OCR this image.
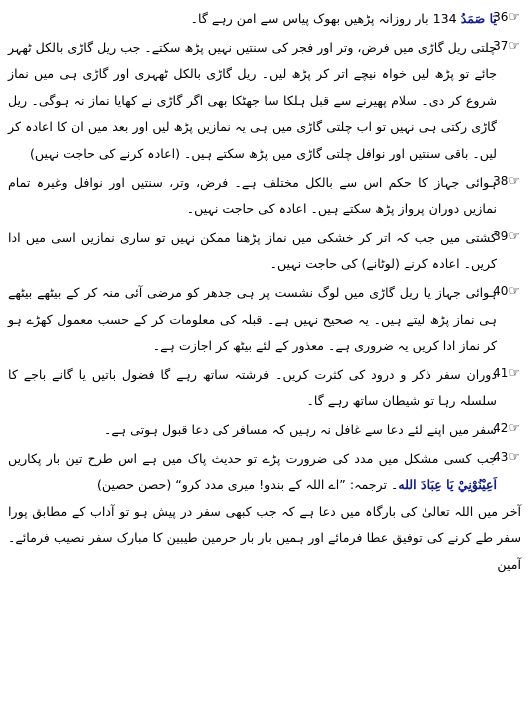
36☞
یَا صَمَدُ 134 بار روزانہ پڑھیں بھوک پیاس سے امن رہے گا۔

37☞
چلتی ریل گاڑی میں فرض، وتر اور فجر کی سنتیں نہیں پڑھ سکتے۔ جب ریل گاڑی بالکل ٹھہر جائے تو پڑھ لیں خواہ نیچے اتر کر پڑھ لیں۔ ریل گاڑی بالکل ٹھہری اور گاڑی ہی میں نماز شروع کر دی۔ سلام پھیرنے سے قبل ہلکا سا جھٹکا بھی اگر گاڑی نے کھایا نماز نہ ہوگی۔ ریل گاڑی رکتی ہی نہیں تو اب چلتی گاڑی میں ہی یہ نمازیں پڑھ لیں اور بعد میں ان کا اعادہ کر لیں۔ باقی سنتیں اور نوافل چلتی گاڑی میں پڑھ سکتے ہیں۔ (اعادہ کرنے کی حاجت نہیں)

38☞
ہوائی جہاز کا حکم اس سے بالکل مختلف ہے۔ فرض، وتر، سنتیں اور نوافل وغیرہ تمام نمازیں دوران پرواز پڑھ سکتے ہیں۔ اعادہ کی حاجت نہیں۔

39☞
کشتی میں جب کہ اتر کر خشکی میں نماز پڑھنا ممکن نہیں تو ساری نمازیں اسی میں ادا کریں۔ اعادہ کرنے (لوٹانے) کی حاجت نہیں۔

40☞
ہوائی جہاز یا ریل گاڑی میں لوگ نشست پر ہی جدھر کو مرضی آئی منہ کر کے بیٹھے بیٹھے ہی نماز پڑھ لیتے ہیں۔ یہ صحیح نہیں ہے۔ قبلہ کی معلومات کر کے حسب معمول کھڑے ہو کر نماز ادا کریں یہ ضروری ہے۔ معذور کے لئے بیٹھ کر اجازت ہے۔

41☞
دوران سفر ذکر و درود کی کثرت کریں۔ فرشتہ ساتھ رہے گا فضول باتیں یا گانے باجے کا سلسلہ رہا تو شیطان ساتھ رہے گا۔

42☞
سفر میں اپنے لئے دعا سے غافل نہ رہیں کہ مسافر کی دعا قبول ہوتی ہے۔

43☞
جب کسی مشکل میں مدد کی ضرورت پڑے تو حدیث پاک میں ہے اس طرح تین بار پکاریں اَعِيْنُوْنِيْ يَا عِبَادَ الله۔ ترجمہ: ”اے اللہ کے بندو! میری مدد کرو“ (حصن حصین)

آخر میں اللہ تعالیٰ کی بارگاہ میں دعا ہے کہ جب کبھی سفر در پیش ہو تو آداب کے مطابق پورا سفر طے کرنے کی توفیق عطا فرمائے اور ہمیں بار بار حرمین طیبین کا مبارک سفر نصیب فرمائے۔ آمین
